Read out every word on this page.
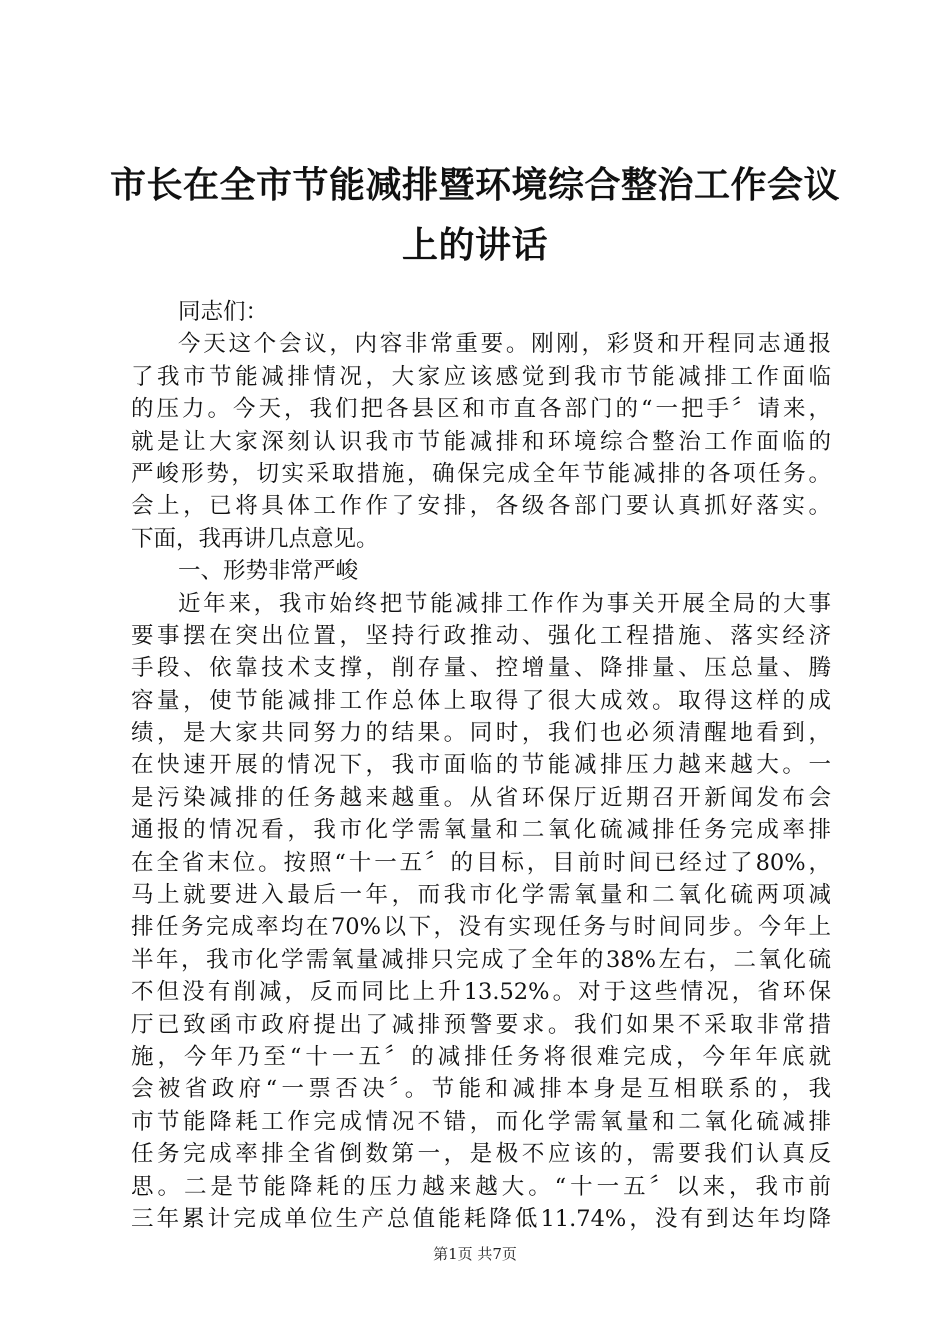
市长在全市节能减排暨环境综合整治工作会议
上的讲话
同志们：
今天这个会议，内容非常重要。刚刚，彩贤和开程同志通报
了我市节能减排情况，大家应该感觉到我市节能减排工作面临
的压力。今天，我们把各县区和市直各部门的“一把手〞请来，
就是让大家深刻认识我市节能减排和环境综合整治工作面临的
严峻形势，切实采取措施，确保完成全年节能减排的各项任务。
会上，已将具体工作作了安排，各级各部门要认真抓好落实。
下面，我再讲几点意见。
一、形势非常严峻
近年来，我市始终把节能减排工作作为事关开展全局的大事
要事摆在突出位置，坚持行政推动、强化工程措施、落实经济
手段、依靠技术支撑，削存量、控增量、降排量、压总量、腾
容量，使节能减排工作总体上取得了很大成效。取得这样的成
绩，是大家共同努力的结果。同时，我们也必须清醒地看到，
在快速开展的情况下，我市面临的节能减排压力越来越大。一
是污染减排的任务越来越重。从省环保厅近期召开新闻发布会
通报的情况看，我市化学需氧量和二氧化硫减排任务完成率排
在全省末位。按照“十一五〞的目标，目前时间已经过了80%，
马上就要进入最后一年，而我市化学需氧量和二氧化硫两项减
排任务完成率均在70%以下，没有实现任务与时间同步。今年上
半年，我市化学需氧量减排只完成了全年的38%左右，二氧化硫
不但没有削减，反而同比上升13.52%。对于这些情况，省环保
厅已致函市政府提出了减排预警要求。我们如果不采取非常措
施，今年乃至“十一五〞的减排任务将很难完成，今年年底就
会被省政府“一票否决〞。节能和减排本身是互相联系的，我
市节能降耗工作完成情况不错，而化学需氧量和二氧化硫减排
任务完成率排全省倒数第一，是极不应该的，需要我们认真反
思。二是节能降耗的压力越来越大。“十一五〞以来，我市前
三年累计完成单位生产总值能耗降低11.74%，没有到达年均降
第1页 共7页
